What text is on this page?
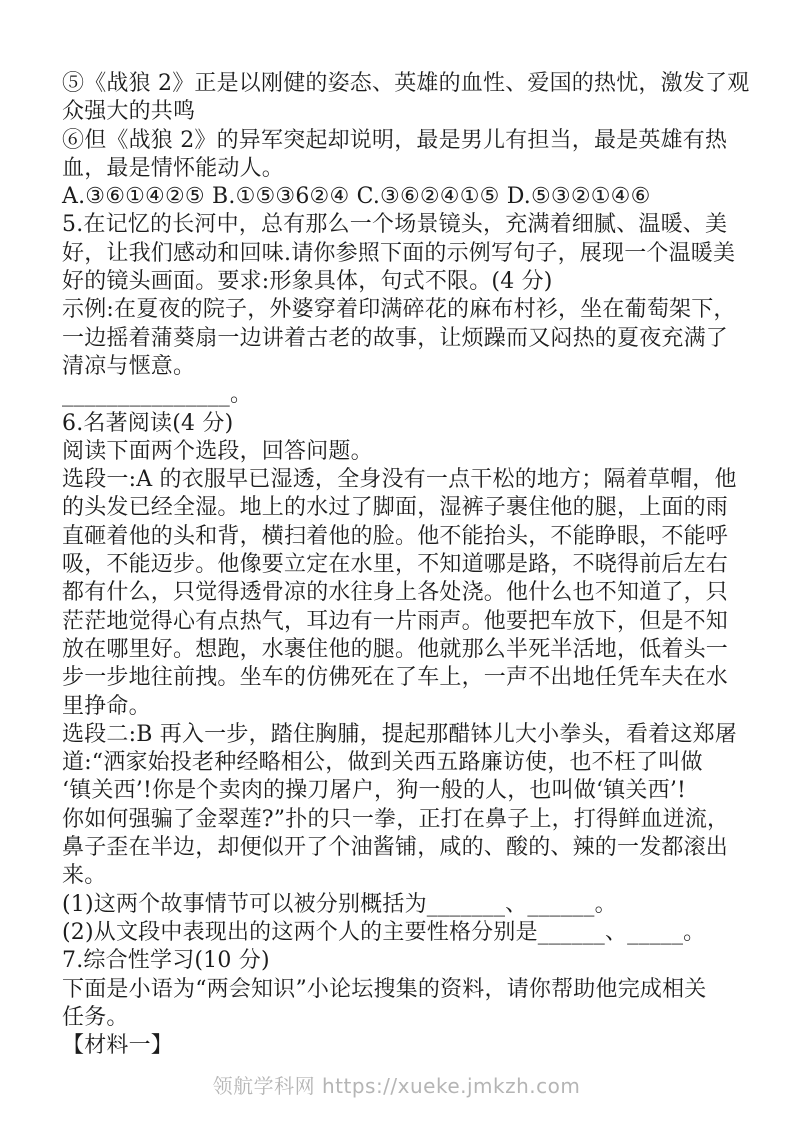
⑤《战狼 2》正是以刚健的姿态、英雄的血性、爱国的热忧，激发了观
众强大的共鸣
⑥但《战狼 2》的异军突起却说明，最是男儿有担当，最是英雄有热
血，最是情怀能动人。
A.③⑥①④②⑤ B.①⑤③6②④ C.③⑥②④①⑤ D.⑤③②①④⑥
5.在记忆的长河中，总有那么一个场景镜头，充满着细腻、温暖、美
好，让我们感动和回味.请你参照下面的示例写句子，展现一个温暖美
好的镜头画面。要求:形象具体，句式不限。(4 分)
示例:在夏夜的院子，外婆穿着印满碎花的麻布村衫，坐在葡萄架下，
一边摇着蒲葵扇一边讲着古老的故事，让烦躁而又闷热的夏夜充满了
清凉与惬意。
_______________。
6.名著阅读(4 分)
阅读下面两个选段，回答问题。
选段一:A 的衣服早已湿透，全身没有一点干松的地方；隔着草帽，他
的头发已经全湿。地上的水过了脚面，湿裤子裹住他的腿，上面的雨
直砸着他的头和背，横扫着他的脸。他不能抬头，不能睁眼，不能呼
吸，不能迈步。他像要立定在水里，不知道哪是路，不晓得前后左右
都有什么，只觉得透骨凉的水往身上各处浇。他什么也不知道了，只
茫茫地觉得心有点热气，耳边有一片雨声。他要把车放下，但是不知
放在哪里好。想跑，水裹住他的腿。他就那么半死半活地，低着头一
步一步地往前拽。坐车的仿佛死在了车上，一声不出地任凭车夫在水
里挣命。
选段二:B 再入一步，踏住胸脯，提起那醋钵儿大小拳头，看着这郑屠
道:“洒家始投老种经略相公，做到关西五路廉访使，也不枉了叫做
‘镇关西’!你是个卖肉的操刀屠户，狗一般的人，也叫做‘镇关西’!
你如何强骗了金翠莲?”扑的只一拳，正打在鼻子上，打得鲜血迸流，
鼻子歪在半边，却便似开了个油酱铺，咸的、酸的、辣的一发都滚出
来。
(1)这两个故事情节可以被分别概括为_______、______。
(2)从文段中表现出的这两个人的主要性格分别是______、_____。
7.综合性学习(10 分)
下面是小语为“两会知识”小论坛搜集的资料，请你帮助他完成相关
任务。
【材料一】
领航学科网 https://xueke.jmkzh.com
